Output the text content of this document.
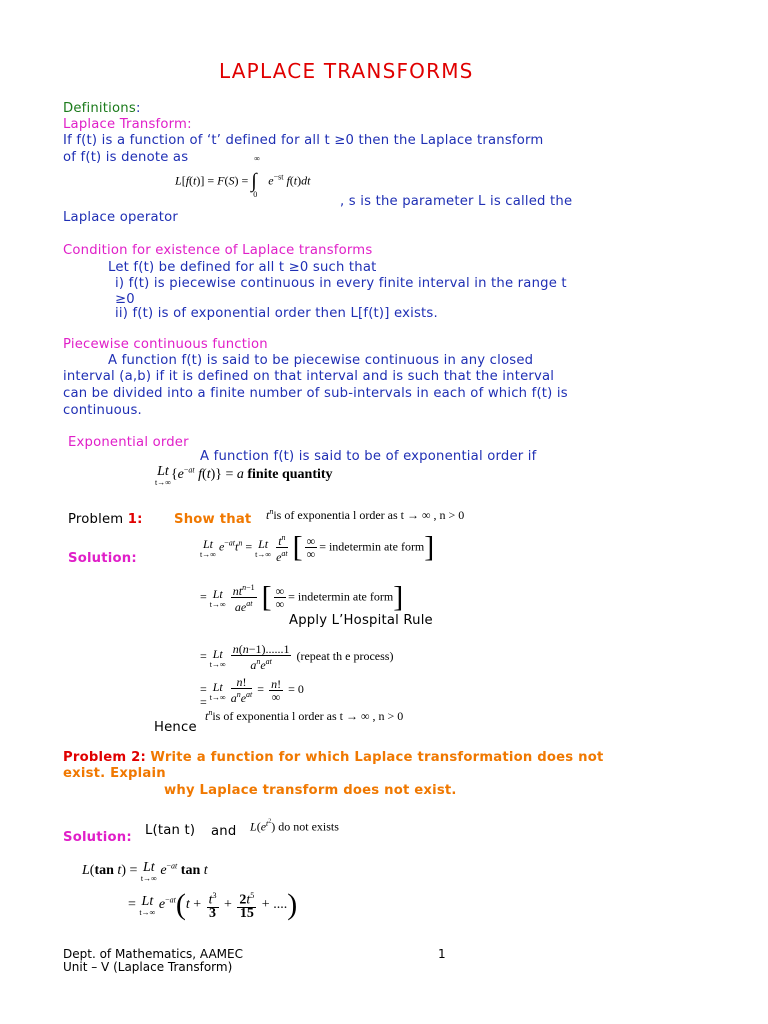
LAPLACE TRANSFORMS
Definitions:
Laplace Transform:
If f(t) is a function of ‘t’ defined for all t ≥0 then the Laplace transform
of f(t) is denote as
L[f(t)] = F(S) =
∞
∫
0
$e^{-st}$ f(t)dt
, s is the parameter L is called the
Laplace operator
Condition for existence of Laplace transforms
Let f(t) be defined for all t ≥0 such that
i) f(t) is piecewise continuous in every finite interval in the range t
≥0
ii) f(t) is of exponential order then L[f(t)] exists.
Piecewise continuous function
A function f(t) is said to be piecewise continuous in any closed
interval (a,b) if it is defined on that interval and is such that the interval
can be divided into a finite number of sub-intervals in each of which f(t) is
continuous.
Exponential order
A function f(t) is said to be of exponential order if
Lt

t→∞
{$e^{-at}$ f(t)} = a finite quantity
Problem 1: Show that $t^nis$ of exponentia l order as t → ∞ , n > 0
Solution:
Lt
t→∞
$e^{-at}t^n = Lt$
t→∞
$\frac{t^n}{e^{at}}$ [ $\frac{\infty}{\infty}$ = indetermin ate form]
= Lt
t→∞
$\frac{nt^{n-1}}{ae^{at}}$ [ $\frac{\infty}{\infty}$ = indetermin ate form]
Apply L’Hospital Rule
= Lt
t→∞
$\frac{n(n-1)......1}{a^ne^{at}}$ (repeat th e process)
= Lt
t→∞
$\frac{n!}{a^ne^{at}} = \frac{n!}{\infty} = 0$
=
Hence
$t^nis$ of exponentia l order as t → ∞ , n > 0
Problem 2: Write a function for which Laplace transformation does not
exist. Explain
why Laplace transform does not exist.
Solution: L(tan t) and $L(e^{t^2})$ do not exists
L(tan t) = Lt
t→∞
$e^{-at}$ tan t
= Lt
t→∞
$e^{-at}(t + \frac{t^3}{3} + \frac{2t^5}{15}$ + ....)
Dept. of Mathematics, AAMEC
Unit – V (Laplace Transform)
1
